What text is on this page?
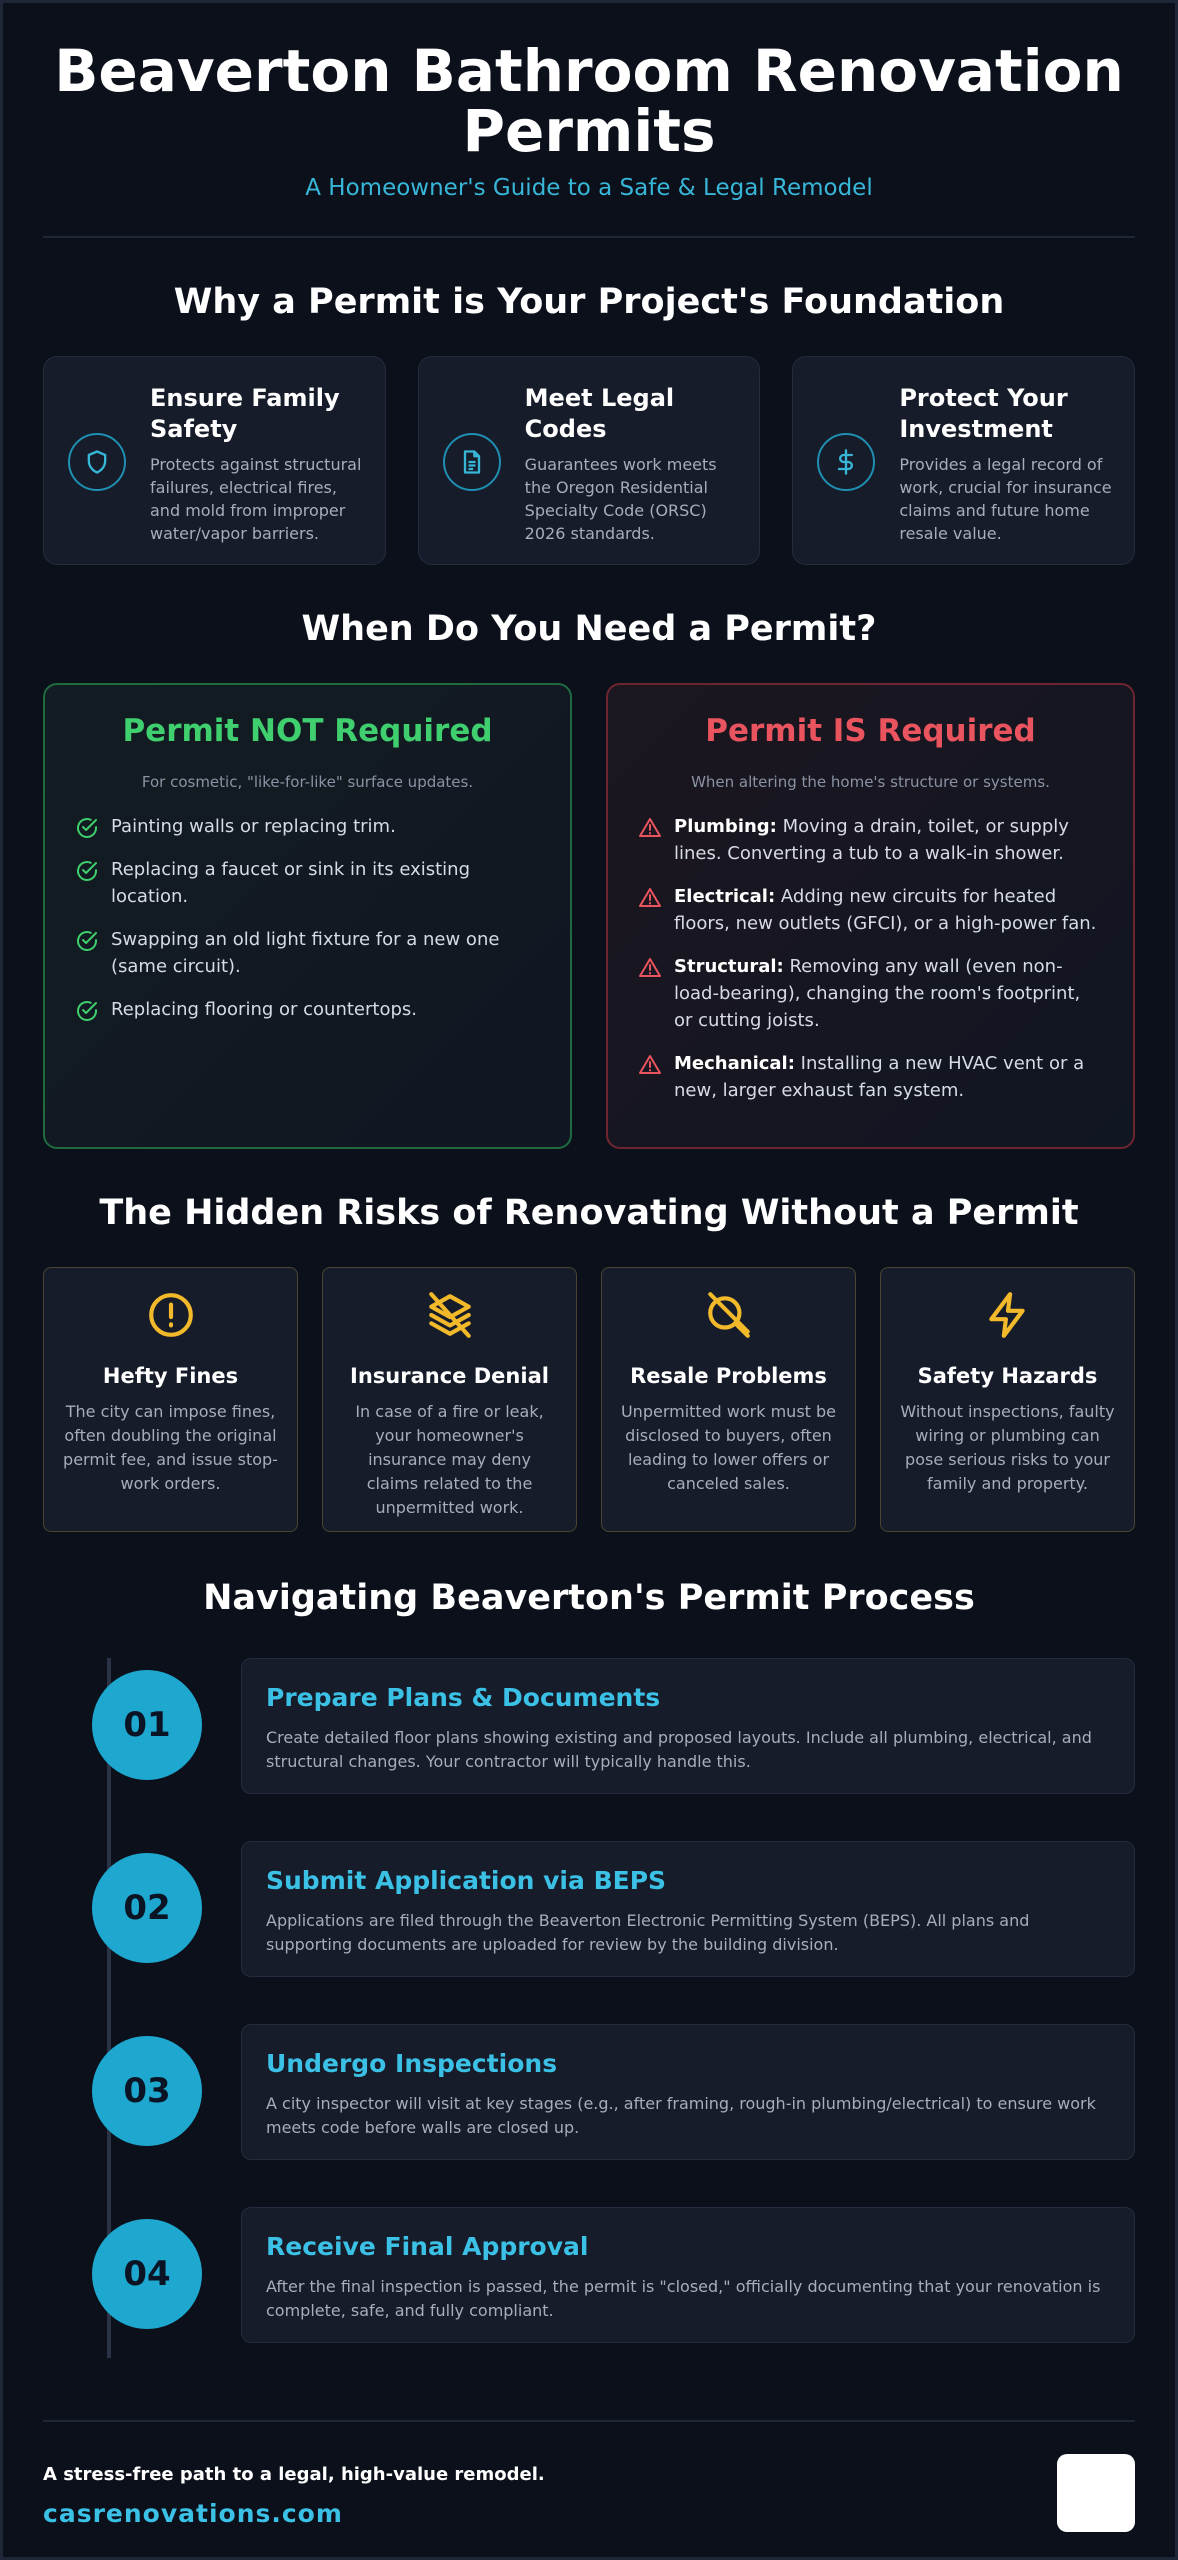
Beaverton Bathroom Renovation
Permits
A Homeowner's Guide to a Safe & Legal Remodel
Why a Permit is Your Project's Foundation
Ensure Family Safety
Protects against structural failures, electrical fires, and mold from improper water/vapor barriers.
Meet Legal Codes
Guarantees work meets the Oregon Residential Specialty Code (ORSC) 2026 standards.
Protect Your Investment
Provides a legal record of work, crucial for insurance claims and future home resale value.
When Do You Need a Permit?
Permit NOT Required
For cosmetic, "like-for-like" surface updates.
Painting walls or replacing trim.
Replacing a faucet or sink in its existing location.
Swapping an old light fixture for a new one (same circuit).
Replacing flooring or countertops.
Permit IS Required
When altering the home's structure or systems.
Plumbing: Moving a drain, toilet, or supply lines. Converting a tub to a walk-in shower.
Electrical: Adding new circuits for heated floors, new outlets (GFCI), or a high-power fan.
Structural: Removing any wall (even non-load-bearing), changing the room's footprint, or cutting joists.
Mechanical: Installing a new HVAC vent or a new, larger exhaust fan system.
The Hidden Risks of Renovating Without a Permit
Hefty Fines
The city can impose fines, often doubling the original permit fee, and issue stop-work orders.
Insurance Denial
In case of a fire or leak, your homeowner's insurance may deny claims related to the unpermitted work.
Resale Problems
Unpermitted work must be disclosed to buyers, often leading to lower offers or canceled sales.
Safety Hazards
Without inspections, faulty wiring or plumbing can pose serious risks to your family and property.
Navigating Beaverton's Permit Process
01
Prepare Plans & Documents
Create detailed floor plans showing existing and proposed layouts. Include all plumbing, electrical, and structural changes. Your contractor will typically handle this.
02
Submit Application via BEPS
Applications are filed through the Beaverton Electronic Permitting System (BEPS). All plans and supporting documents are uploaded for review by the building division.
03
Undergo Inspections
A city inspector will visit at key stages (e.g., after framing, rough-in plumbing/electrical) to ensure work meets code before walls are closed up.
04
Receive Final Approval
After the final inspection is passed, the permit is "closed," officially documenting that your renovation is complete, safe, and fully compliant.
A stress-free path to a legal, high-value remodel.
casrenovations.com
